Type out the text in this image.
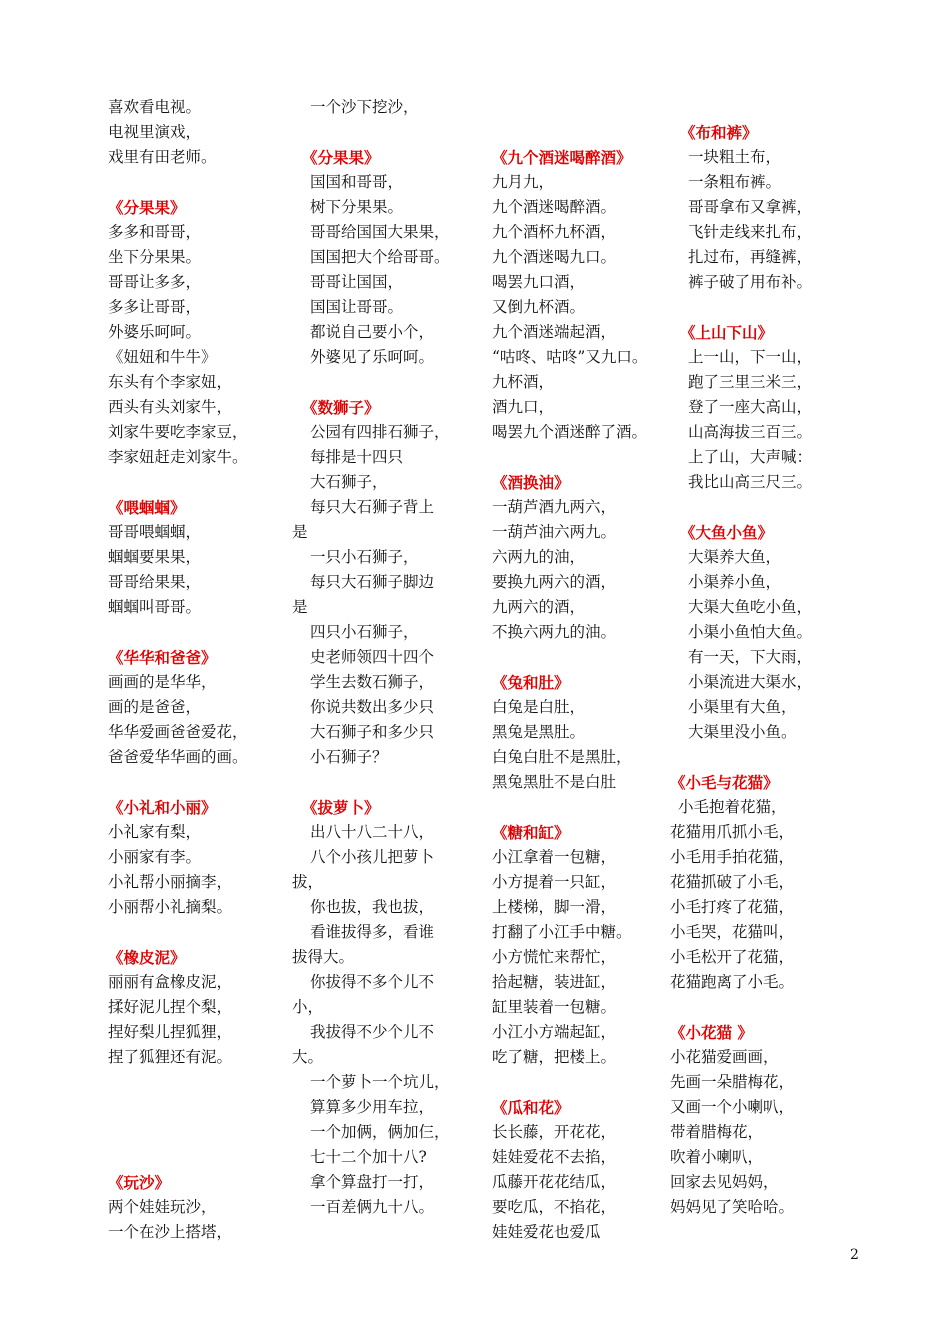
喜欢看电视。
电视里演戏，
戏里有田老师。
《分果果》
多多和哥哥，
坐下分果果。
哥哥让多多，
多多让哥哥，
外婆乐呵呵。
《妞妞和牛牛》
东头有个李家妞，
西头有头刘家牛，
刘家牛要吃李家豆，
李家妞赶走刘家牛。
《喂蝈蝈》
哥哥喂蝈蝈，
蝈蝈要果果，
哥哥给果果，
蝈蝈叫哥哥。
《华华和爸爸》
画画的是华华，
画的是爸爸，
华华爱画爸爸爱花，
爸爸爱华华画的画。
《小礼和小丽》
小礼家有梨，
小丽家有李。
小礼帮小丽摘李，
小丽帮小礼摘梨。
《橡皮泥》
丽丽有盒橡皮泥，
揉好泥儿捏个梨，
捏好梨儿捏狐狸，
捏了狐狸还有泥。
《玩沙》
两个娃娃玩沙，
一个在沙上搭塔，
一个沙下挖沙，
《分果果》
国国和哥哥，
树下分果果。
哥哥给国国大果果，
国国把大个给哥哥。
哥哥让国国，
国国让哥哥。
都说自己要小个，
外婆见了乐呵呵。
《数狮子》
公园有四排石狮子，
每排是十四只
大石狮子，
每只大石狮子背上
是
一只小石狮子，
每只大石狮子脚边
是
四只小石狮子，
史老师领四十四个
学生去数石狮子，
你说共数出多少只
大石狮子和多少只
小石狮子？
《拔萝卜》
出八十八二十八，
八个小孩儿把萝卜
拔，
你也拔，我也拔，
看谁拔得多，看谁
拔得大。
你拔得不多个儿不
小，
我拔得不少个儿不
大。
一个萝卜一个坑儿，
算算多少用车拉，
一个加俩，俩加仨，
七十二个加十八?
拿个算盘打一打，
一百差俩九十八。
《九个酒迷喝醉酒》
九月九，
九个酒迷喝醉酒。
九个酒杯九杯酒，
九个酒迷喝九口。
喝罢九口酒，
又倒九杯酒。
九个酒迷端起酒，
“咕咚、咕咚”又九口。
九杯酒，
酒九口，
喝罢九个酒迷醉了酒。
《酒换油》
一葫芦酒九两六，
一葫芦油六两九。
六两九的油，
要换九两六的酒，
九两六的酒，
不换六两九的油。
《兔和肚》
白兔是白肚，
黑兔是黑肚。
白兔白肚不是黑肚，
黑兔黑肚不是白肚
《糖和缸》
小江拿着一包糖，
小方提着一只缸，
上楼梯，脚一滑，
打翻了小江手中糖。
小方慌忙来帮忙，
拾起糖，装进缸，
缸里装着一包糖。
小江小方端起缸，
吃了糖，把楼上。
《瓜和花》
长长藤，开花花，
娃娃爱花不去掐，
瓜藤开花花结瓜，
要吃瓜，不掐花，
娃娃爱花也爱瓜
《布和裤》
一块粗土布，
一条粗布裤。
哥哥拿布又拿裤，
飞针走线来扎布，
扎过布，再缝裤，
裤子破了用布补。
《上山下山》
上一山，下一山，
跑了三里三米三，
登了一座大高山，
山高海拔三百三。
上了山，大声喊：
我比山高三尺三。
《大鱼小鱼》
大渠养大鱼，
小渠养小鱼，
大渠大鱼吃小鱼，
小渠小鱼怕大鱼。
有一天，下大雨，
小渠流进大渠水，
小渠里有大鱼，
大渠里没小鱼。
《小毛与花猫》
小毛抱着花猫，
花猫用爪抓小毛，
小毛用手拍花猫，
花猫抓破了小毛，
小毛打疼了花猫，
小毛哭，花猫叫，
小毛松开了花猫，
花猫跑离了小毛。
《小花猫 》
小花猫爱画画，
先画一朵腊梅花，
又画一个小喇叭，
带着腊梅花，
吹着小喇叭，
回家去见妈妈，
妈妈见了笑哈哈。
2
